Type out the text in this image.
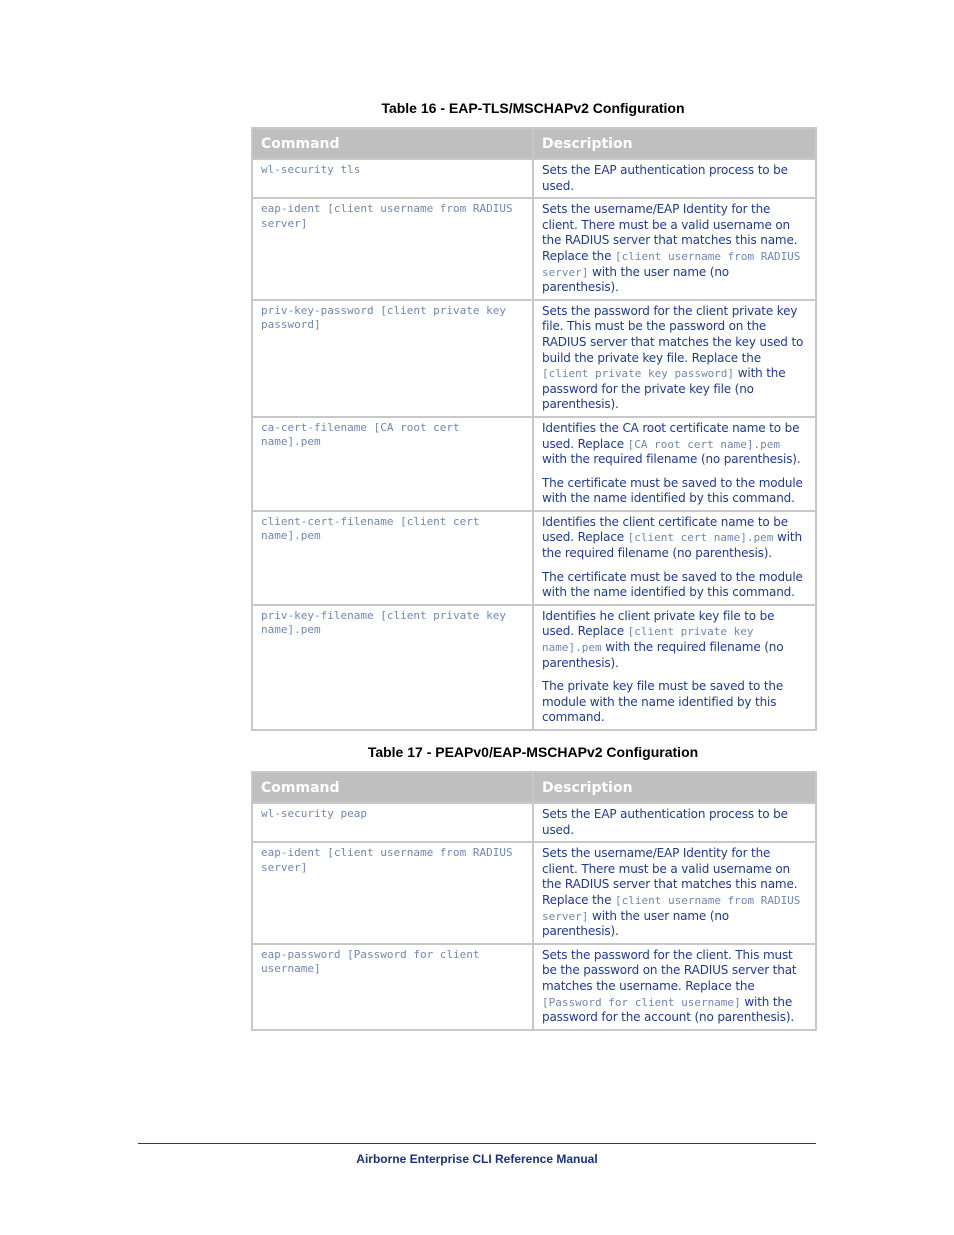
Table 16 - EAP-TLS/MSCHAPv2 Configuration

Command	Description
wl-security tls	Sets the EAP authentication process to be used.

eap-ident [client username from RADIUS server]	Sets the username/EAP Identity for the client. There must be a valid username on the RADIUS server that matches this name. Replace the [client username from RADIUS server] with the user name (no parenthesis).

priv-key-password [client private key password]	Sets the password for the client private key file. This must be the password on the RADIUS server that matches the key used to build the private key file. Replace the [client private key password] with the password for the private key file (no parenthesis).

ca-cert-filename [CA root cert name].pem	Identifies the CA root certificate name to be used. Replace [CA root cert name].pem with the required filename (no parenthesis).

The certificate must be saved to the module with the name identified by this command.

client-cert-filename [client cert name].pem	Identifies the client certificate name to be used. Replace [client cert name].pem with the required filename (no parenthesis).

The certificate must be saved to the module with the name identified by this command.

priv-key-filename [client private key name].pem	Identifies he client private key file to be used. Replace [client private key name].pem with the required filename (no parenthesis).

The private key file must be saved to the module with the name identified by this command.

Table 17 - PEAPv0/EAP-MSCHAPv2 Configuration

Command	Description
wl-security peap	Sets the EAP authentication process to be used.

eap-ident [client username from RADIUS server]	Sets the username/EAP Identity for the client. There must be a valid username on the RADIUS server that matches this name. Replace the [client username from RADIUS server] with the user name (no parenthesis).

eap-password [Password for client username]	Sets the password for the client. This must be the password on the RADIUS server that matches the username. Replace the [Password for client username] with the password for the account (no parenthesis).

Airborne Enterprise CLI Reference Manual
